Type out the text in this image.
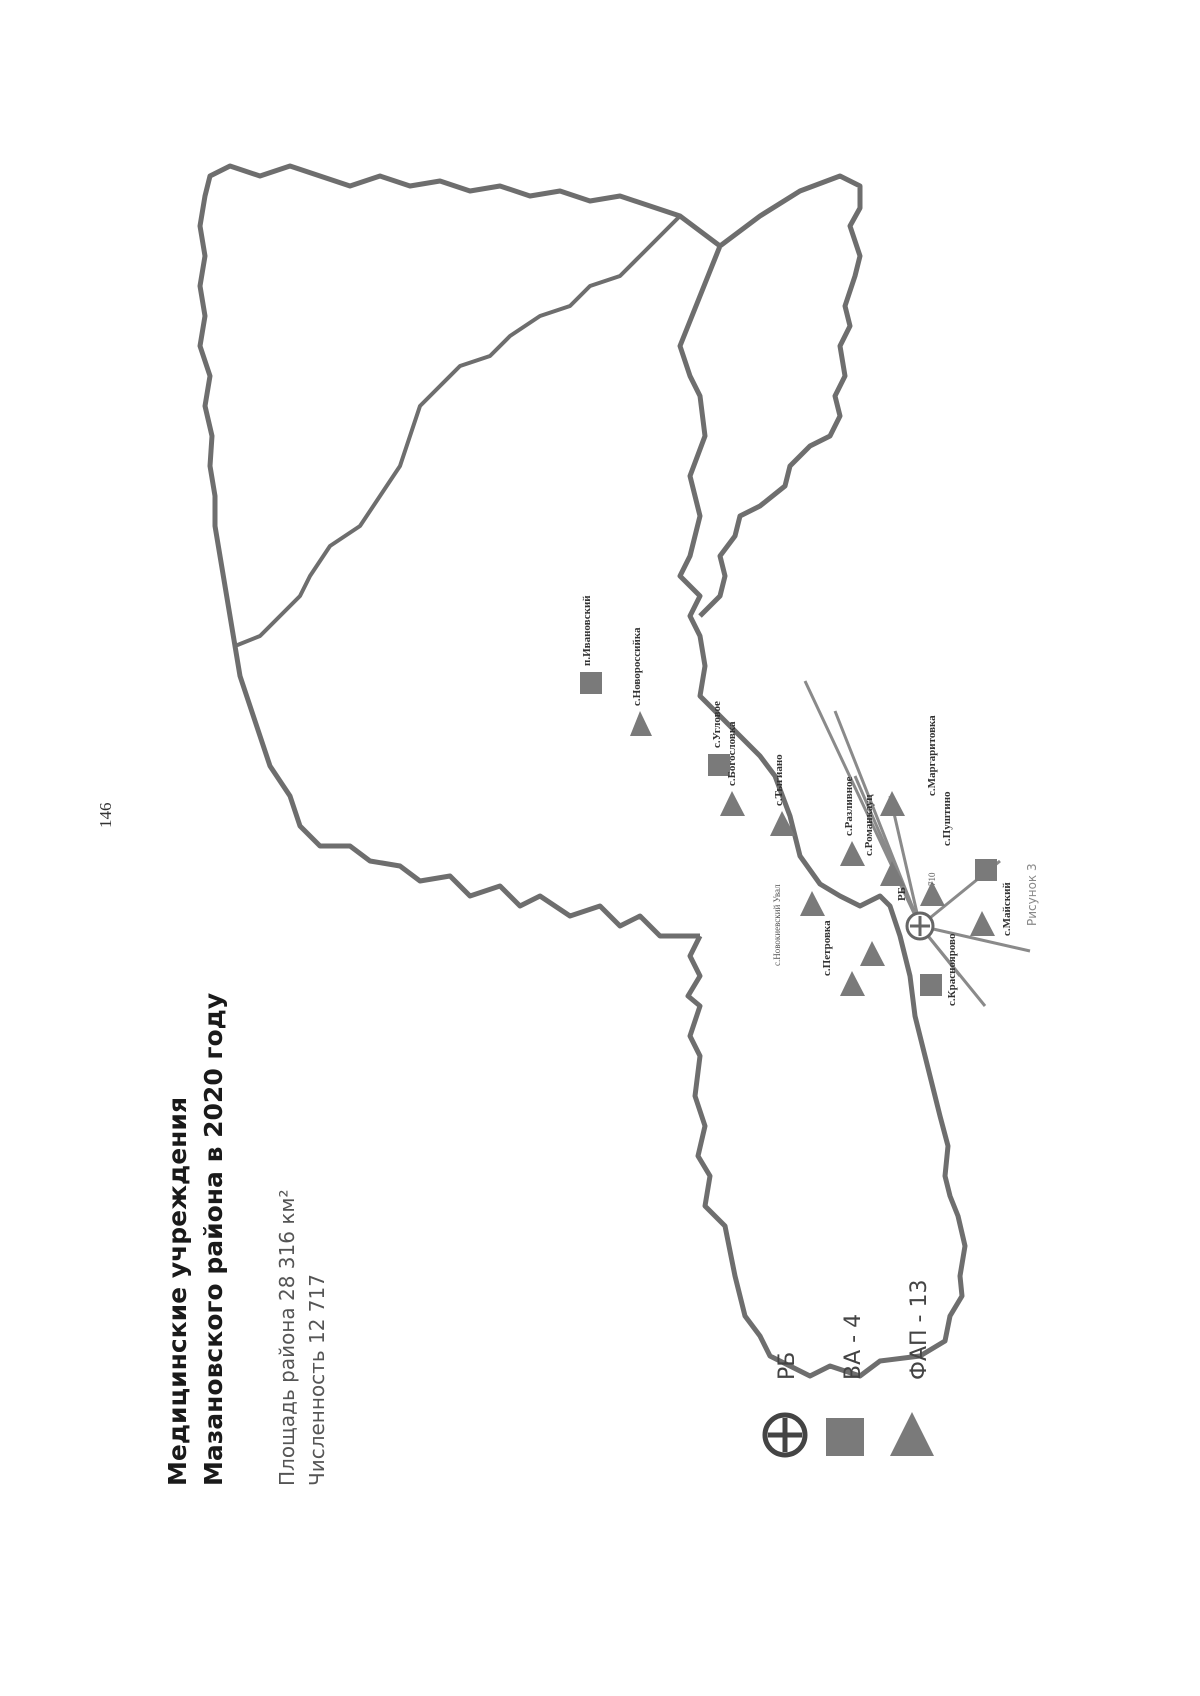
146
Медицинские учреждения Мазановского района в 2020 году Площадь района 28 316 км² Численность 12 717
РБ
710
с.Новокиевский Увал
п.Ивановский	с.Новороссийка
с.Угловое с.Богословка	с.Тыгиано	с.Маргаритовка
с.Пуштино
с.Петровка
с.Разливное с.Романкауц
с.Майский
с.Краснояровo
Рисунок 3
РБ ВА - 4 ФАП - 13
